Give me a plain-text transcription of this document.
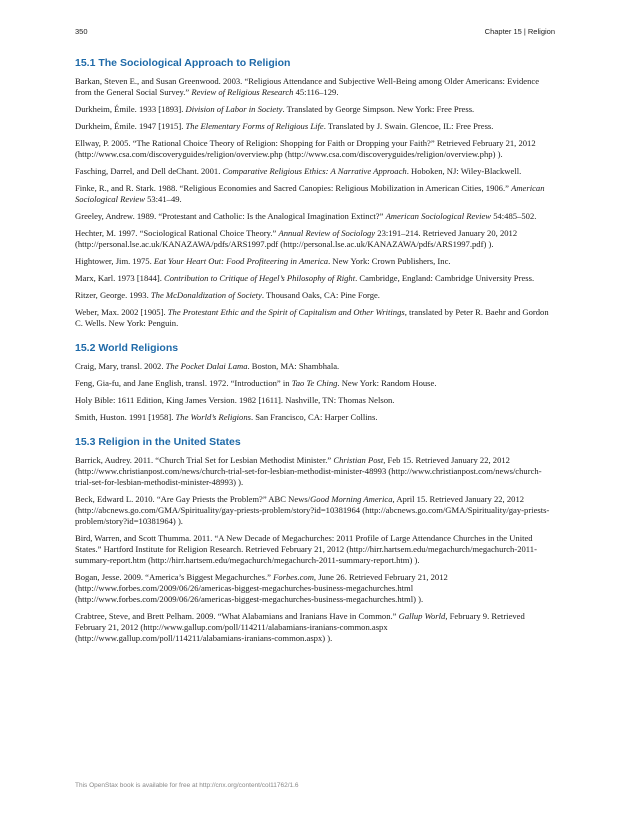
350	Chapter 15 | Religion
15.1 The Sociological Approach to Religion

Barkan, Steven E., and Susan Greenwood. 2003. “Religious Attendance and Subjective Well-Being among Older Americans: Evidence from the General Social Survey.” Review of Religious Research 45:116–129.

Durkheim, Émile. 1933 [1893]. Division of Labor in Society. Translated by George Simpson. New York: Free Press.

Durkheim, Émile. 1947 [1915]. The Elementary Forms of Religious Life. Translated by J. Swain. Glencoe, IL: Free Press.

Ellway, P. 2005. “The Rational Choice Theory of Religion: Shopping for Faith or Dropping your Faith?” Retrieved February 21, 2012 (http://www.csa.com/discoveryguides/religion/overview.php (http://www.csa.com/discoveryguides/religion/overview.php) ).

Fasching, Darrel, and Dell deChant. 2001. Comparative Religious Ethics: A Narrative Approach. Hoboken, NJ: Wiley-Blackwell.

Finke, R., and R. Stark. 1988. “Religious Economies and Sacred Canopies: Religious Mobilization in American Cities, 1906.” American Sociological Review 53:41–49.

Greeley, Andrew. 1989. “Protestant and Catholic: Is the Analogical Imagination Extinct?” American Sociological Review 54:485–502.

Hechter, M. 1997. “Sociological Rational Choice Theory.” Annual Review of Sociology 23:191–214. Retrieved January 20, 2012 (http://personal.lse.ac.uk/KANAZAWA/pdfs/ARS1997.pdf (http://personal.lse.ac.uk/KANAZAWA/pdfs/ARS1997.pdf) ).

Hightower, Jim. 1975. Eat Your Heart Out: Food Profiteering in America. New York: Crown Publishers, Inc.

Marx, Karl. 1973 [1844]. Contribution to Critique of Hegel’s Philosophy of Right. Cambridge, England: Cambridge University Press.

Ritzer, George. 1993. The McDonaldization of Society. Thousand Oaks, CA: Pine Forge.

Weber, Max. 2002 [1905]. The Protestant Ethic and the Spirit of Capitalism and Other Writings, translated by Peter R. Baehr and Gordon C. Wells. New York: Penguin.

15.2 World Religions

Craig, Mary, transl. 2002. The Pocket Dalai Lama. Boston, MA: Shambhala.

Feng, Gia-fu, and Jane English, transl. 1972. “Introduction” in Tao Te Ching. New York: Random House.

Holy Bible: 1611 Edition, King James Version. 1982 [1611]. Nashville, TN: Thomas Nelson.

Smith, Huston. 1991 [1958]. The World’s Religions. San Francisco, CA: Harper Collins.

15.3 Religion in the United States

Barrick, Audrey. 2011. “Church Trial Set for Lesbian Methodist Minister.” Christian Post, Feb 15. Retrieved January 22, 2012 (http://www.christianpost.com/news/church-trial-set-for-lesbian-methodist-minister-48993 (http://www.christianpost.com/news/church-trial-set-for-lesbian-methodist-minister-48993) ).

Beck, Edward L. 2010. “Are Gay Priests the Problem?” ABC News/Good Morning America, April 15. Retrieved January 22, 2012 (http://abcnews.go.com/GMA/Spirituality/gay-priests-problem/story?id=10381964 (http://abcnews.go.com/GMA/Spirituality/gay-priests-problem/story?id=10381964) ).

Bird, Warren, and Scott Thumma. 2011. “A New Decade of Megachurches: 2011 Profile of Large Attendance Churches in the United States.” Hartford Institute for Religion Research. Retrieved February 21, 2012 (http://hirr.hartsem.edu/megachurch/megachurch-2011-summary-report.htm (http://hirr.hartsem.edu/megachurch/megachurch-2011-summary-report.htm) ).

Bogan, Jesse. 2009. “America’s Biggest Megachurches.” Forbes.com, June 26. Retrieved February 21, 2012 (http://www.forbes.com/2009/06/26/americas-biggest-megachurches-business-megachurches.html (http://www.forbes.com/2009/06/26/americas-biggest-megachurches-business-megachurches.html) ).

Crabtree, Steve, and Brett Pelham. 2009. “What Alabamians and Iranians Have in Common.” Gallup World, February 9. Retrieved February 21, 2012 (http://www.gallup.com/poll/114211/alabamians-iranians-common.aspx (http://www.gallup.com/poll/114211/alabamians-iranians-common.aspx) ).

This OpenStax book is available for free at http://cnx.org/content/col11762/1.6
